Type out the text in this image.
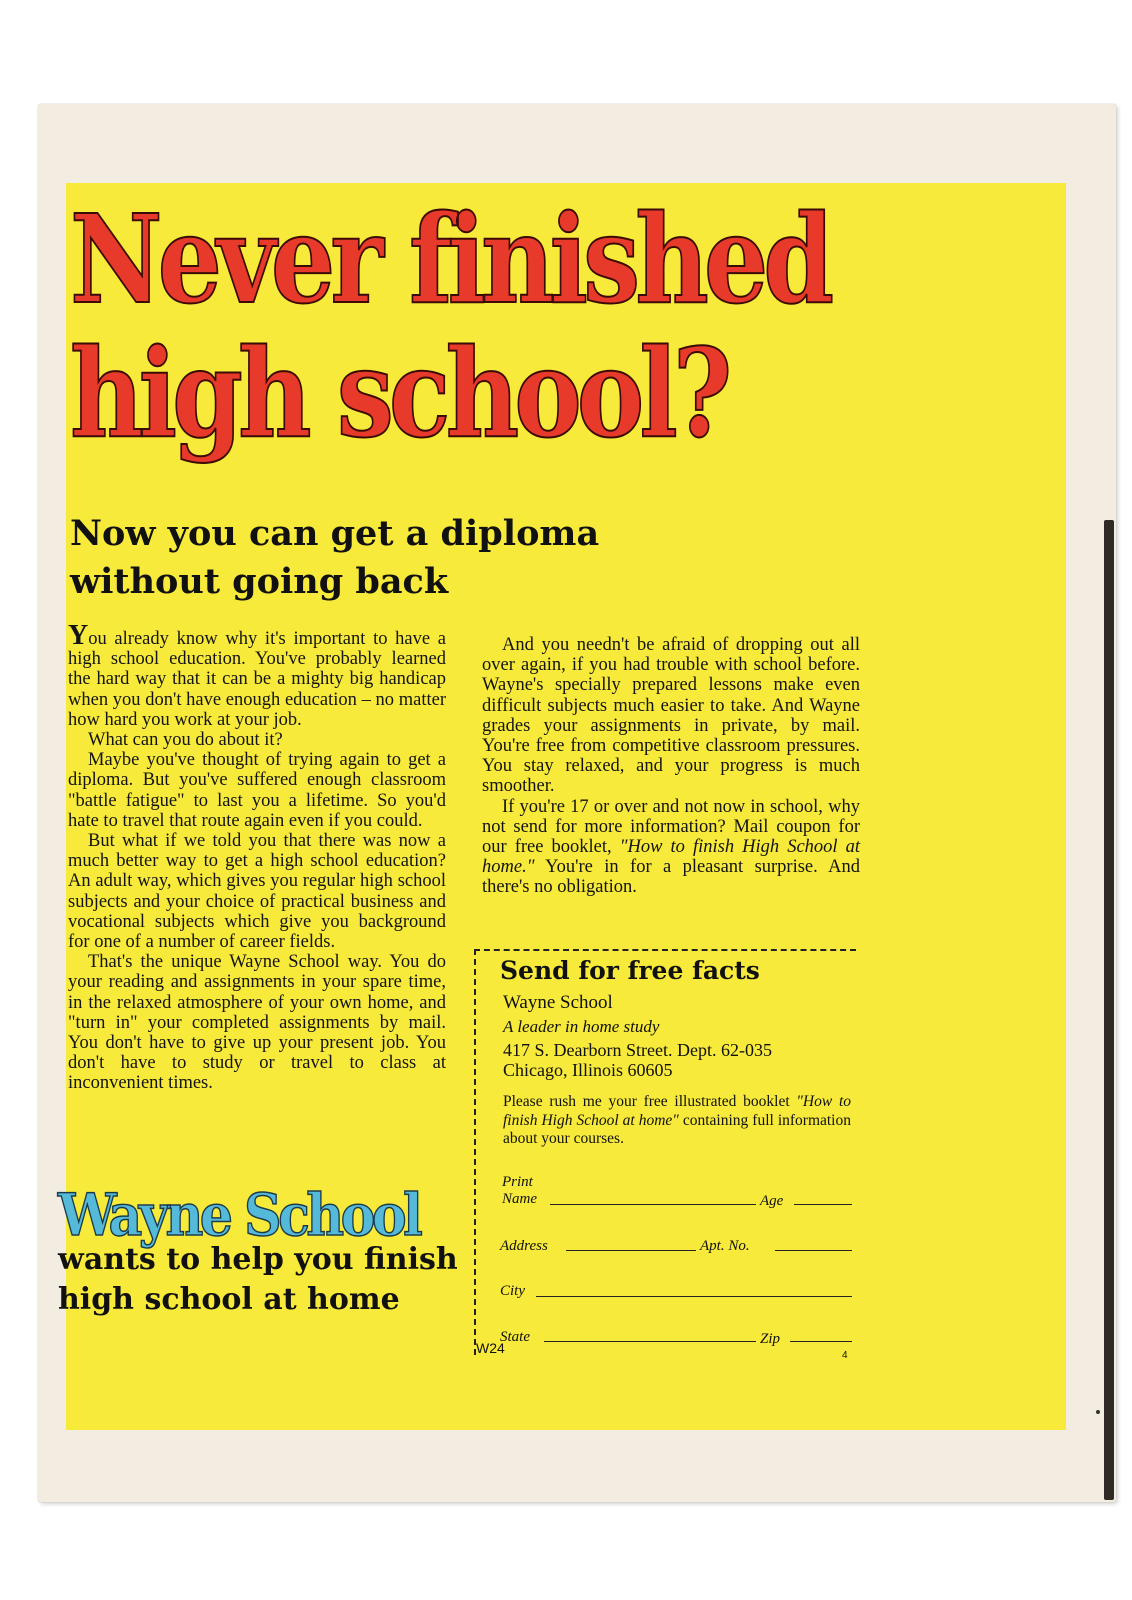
Never finished
high school?
Now you can get a diploma
without going back

You already know why it's important to have a high school education. You've probably learned the hard way that it can be a mighty big handicap when you don't have enough education – no matter how hard you work at your job.

What can you do about it?

Maybe you've thought of trying again to get a diploma. But you've suffered enough classroom "battle fatigue" to last you a lifetime. So you'd hate to travel that route again even if you could.

But what if we told you that there was now a much better way to get a high school education? An adult way, which gives you regular high school subjects and your choice of practical business and vocational subjects which give you background for one of a number of career fields.

That's the unique Wayne School way. You do your reading and assignments in your spare time, in the relaxed atmosphere of your own home, and "turn in" your completed assignments by mail. You don't have to give up your present job. You don't have to study or travel to class at inconvenient times.

And you needn't be afraid of dropping out all over again, if you had trouble with school before. Wayne's specially prepared lessons make even difficult subjects much easier to take. And Wayne grades your assignments in private, by mail. You're free from competitive classroom pressures. You stay relaxed, and your progress is much smoother.

If you're 17 or over and not now in school, why not send for more information? Mail coupon for our free booklet, "How to finish High School at home." You're in for a pleasant surprise. And there's no obligation.

Wayne School
wants to help you finish
high school at home
Send for free facts
Wayne School
A leader in home study
417 S. Dearborn Street. Dept. 62-035
Chicago, Illinois 60605
Please rush me your free illustrated booklet "How to finish High School at home" containing full information about your courses.
Print
Name	Age
Address	Apt. No.
City
State	Zip
W24	4
